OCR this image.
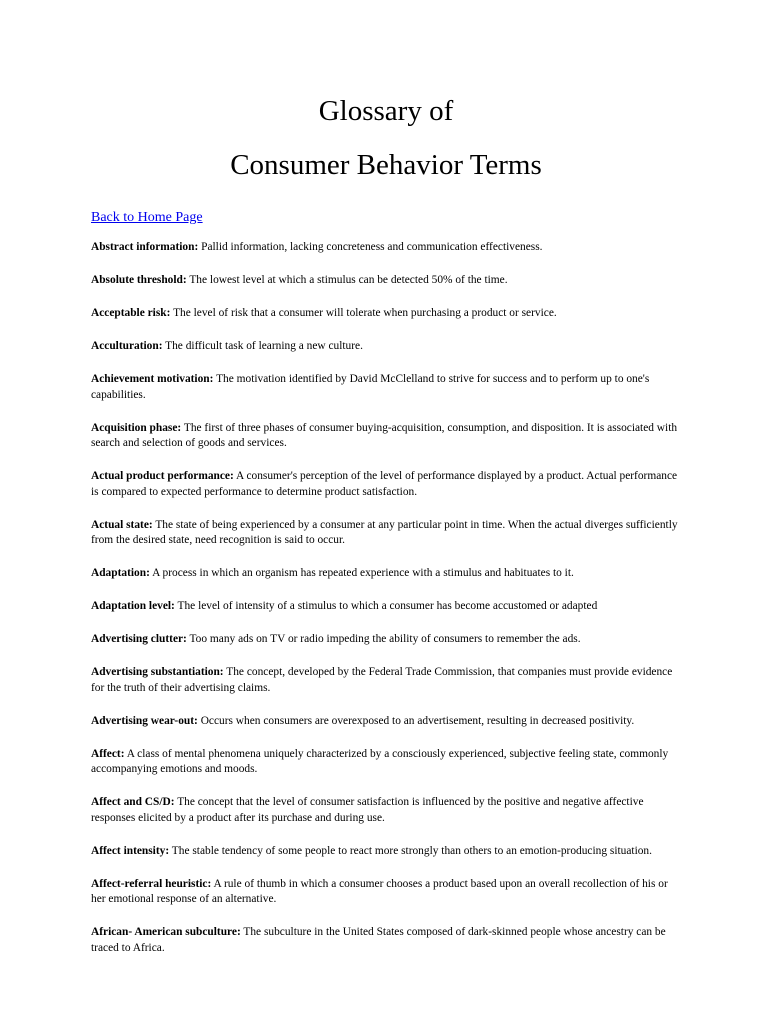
Glossary of
Consumer Behavior Terms
Back to Home Page

Abstract information: Pallid information, lacking concreteness and communication effectiveness.

Absolute threshold: The lowest level at which a stimulus can be detected 50% of the time.

Acceptable risk: The level of risk that a consumer will tolerate when purchasing a product or service.

Acculturation: The difficult task of learning a new culture.

Achievement motivation: The motivation identified by David McClelland to strive for success and to perform up to one's capabilities.

Acquisition phase: The first of three phases of consumer buying-acquisition, consumption, and disposition. It is associated with search and selection of goods and services.

Actual product performance: A consumer's perception of the level of performance displayed by a product. Actual performance is compared to expected performance to determine product satisfaction.

Actual state: The state of being experienced by a consumer at any particular point in time. When the actual diverges sufficiently from the desired state, need recognition is said to occur.

Adaptation: A process in which an organism has repeated experience with a stimulus and habituates to it.

Adaptation level: The level of intensity of a stimulus to which a consumer has become accustomed or adapted

Advertising clutter: Too many ads on TV or radio impeding the ability of consumers to remember the ads.

Advertising substantiation: The concept, developed by the Federal Trade Commission, that companies must provide evidence for the truth of their advertising claims.

Advertising wear-out: Occurs when consumers are overexposed to an advertisement, resulting in decreased positivity.

Affect: A class of mental phenomena uniquely characterized by a consciously experienced, subjective feeling state, commonly accompanying emotions and moods.

Affect and CS/D: The concept that the level of consumer satisfaction is influenced by the positive and negative affective responses elicited by a product after its purchase and during use.

Affect intensity: The stable tendency of some people to react more strongly than others to an emotion-producing situation.

Affect-referral heuristic: A rule of thumb in which a consumer chooses a product based upon an overall recollection of his or her emotional response of an alternative.

African- American subculture: The subculture in the United States composed of dark-skinned people whose ancestry can be traced to Africa.
